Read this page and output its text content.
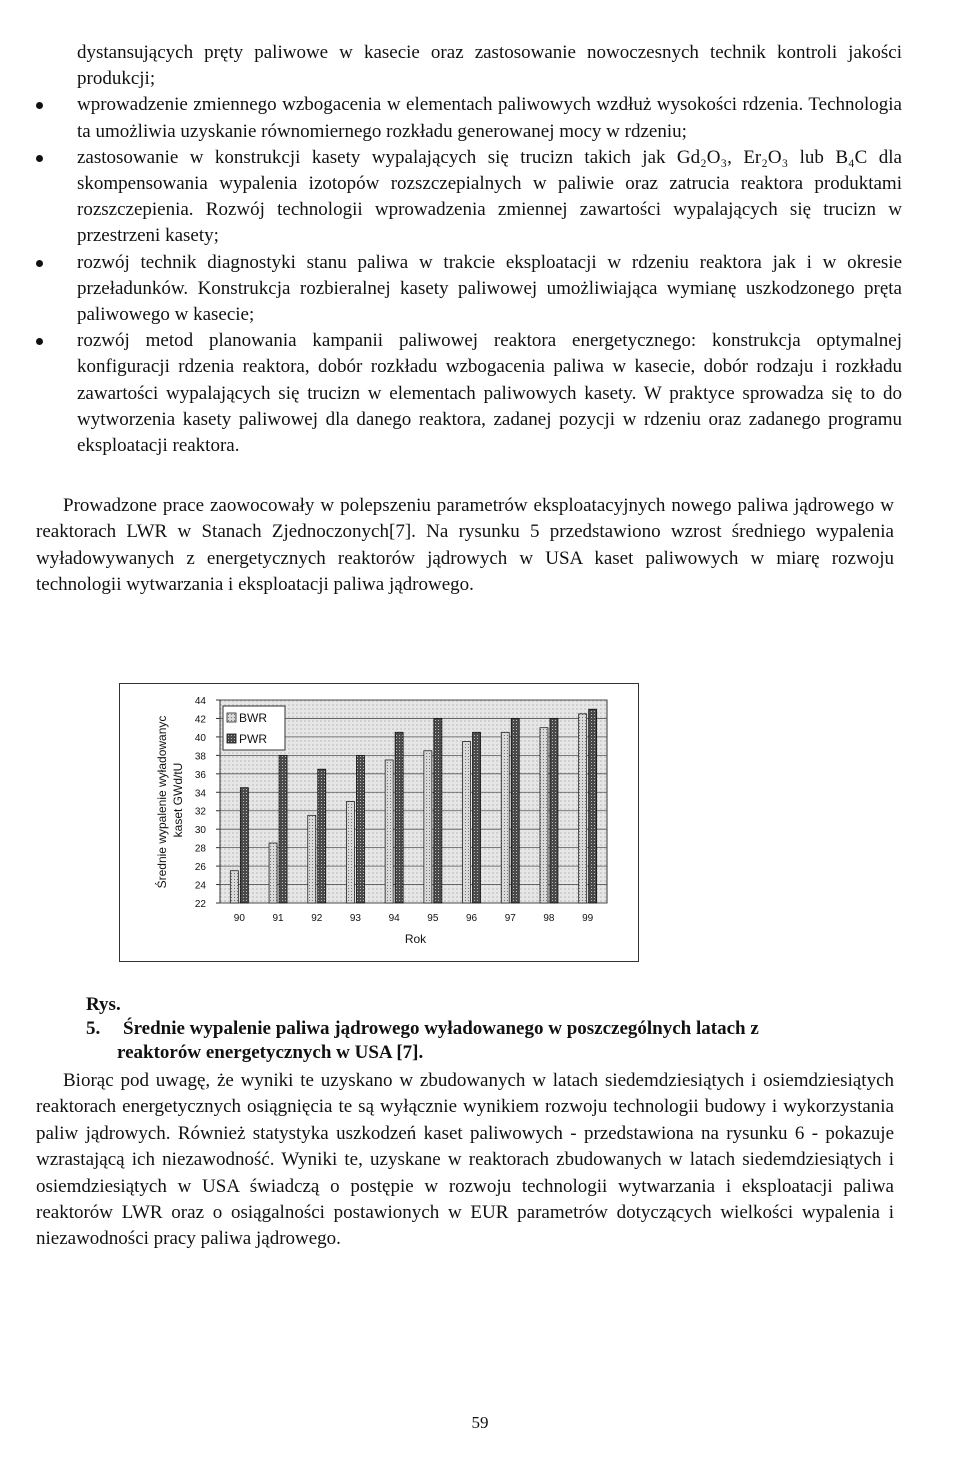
dystansujących pręty paliwowe w kasecie oraz zastosowanie nowoczesnych technik kontroli jakości produkcji;
wprowadzenie zmiennego wzbogacenia w elementach paliwowych wzdłuż wysokości rdzenia. Technologia ta umożliwia uzyskanie równomiernego rozkładu generowanej mocy w rdzeniu;
zastosowanie w konstrukcji kasety wypalających się trucizn takich jak Gd₂O₃, Er₂O₃ lub B₄C dla skompensowania wypalenia izotopów rozszczepialnych w paliwie oraz zatrucia reaktora produktami rozszczepienia. Rozwój technologii wprowadzenia zmiennej zawartości wypalających się trucizn w przestrzeni kasety;
rozwój technik diagnostyki stanu paliwa w trakcie eksploatacji w rdzeniu reaktora jak i w okresie przeładunków. Konstrukcja rozbieralnej kasety paliwowej umożliwiająca wymianę uszkodzonego pręta paliwowego w kasecie;
rozwój metod planowania kampanii paliwowej reaktora energetycznego: konstrukcja optymalnej konfiguracji rdzenia reaktora, dobór rozkładu wzbogacenia paliwa w kasecie, dobór rodzaju i rozkładu zawartości wypalających się trucizn w elementach paliwowych kasety. W praktyce sprowadza się to do wytworzenia kasety paliwowej dla danego reaktora, zadanej pozycji w rdzeniu oraz zadanego programu eksploatacji reaktora.

Prowadzone prace zaowocowały w polepszeniu parametrów eksploatacyjnych nowego paliwa jądrowego w reaktorach LWR w Stanach Zjednoczonych[7]. Na rysunku 5 przedstawiono wzrost średniego wypalenia wyładowywanych z energetycznych reaktorów jądrowych w USA kaset paliwowych w miarę rozwoju technologii wytwarzania i eksploatacji paliwa jądrowego.

22
24
26
28
30
32
34
36
38
40
42
44
90	91	92	93	94	95	96	97	98	99
Rok
Średnie wypalenie wyładowanyc kaset GWd/tU
BWR
PWR

Rys. 5. Średnie wypalenie paliwa jądrowego wyładowanego w poszczególnych latach z
reaktorów energetycznych w USA [7].

Biorąc pod uwagę, że wyniki te uzyskano w zbudowanych w latach siedemdziesiątych i osiemdziesiątych reaktorach energetycznych osiągnięcia te są wyłącznie wynikiem rozwoju technologii budowy i wykorzystania paliw jądrowych. Również statystyka uszkodzeń kaset paliwowych - przedstawiona na rysunku 6 - pokazuje wzrastającą ich niezawodność. Wyniki te, uzyskane w reaktorach zbudowanych w latach siedemdziesiątych i osiemdziesiątych w USA świadczą o postępie w rozwoju technologii wytwarzania i eksploatacji paliwa reaktorów LWR oraz o osiągalności postawionych w EUR parametrów dotyczących wielkości wypalenia i niezawodności pracy paliwa jądrowego.

59
